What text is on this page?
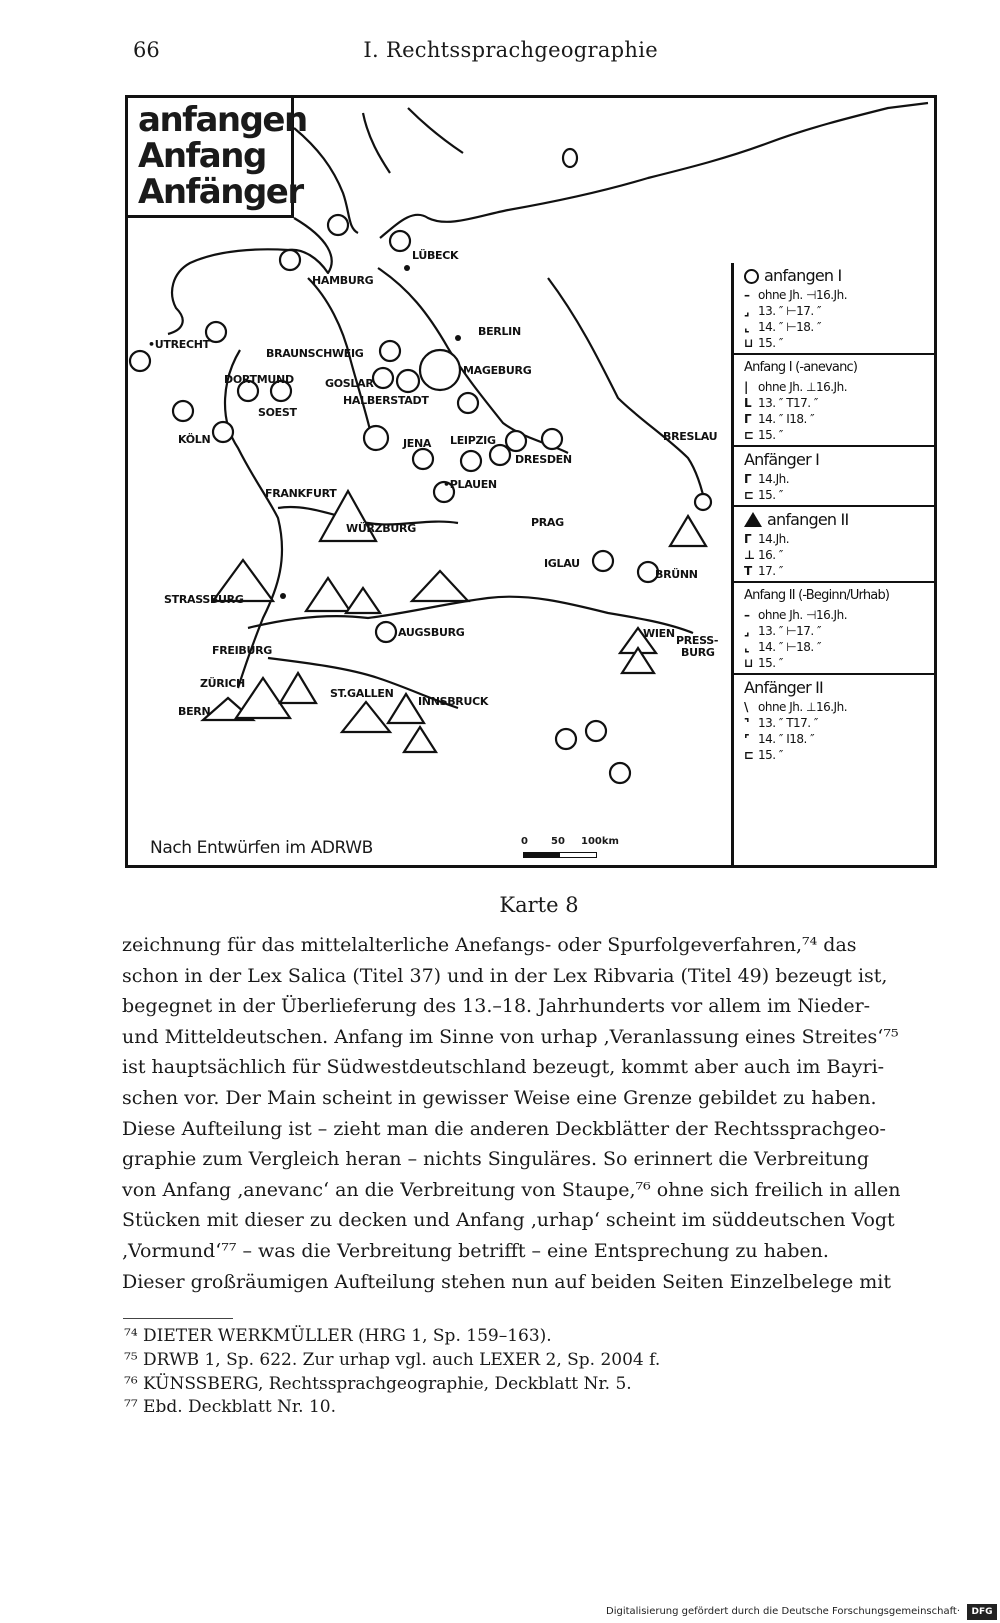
66	I. Rechtssprachgeographie
anfangen
Anfang
Anfänger
LÜBECK
HAMBURG
BERLIN
•UTRECHT
BRAUNSCHWEIG
MAGEBURG
DORTMUND	GOSLAR
HALBERSTADT
SOEST
BRESLAU
KÖLN	JENA LEIPZIG
DRESDEN
•PLAUEN
FRANKFURT
WÜRZBURG	PRAG
IGLAU
BRÜNN
STRASSBURG
AUGSBURG
FREIBURG
WIEN
PRESS-
BURG
ZÜRICH
ST.GALLEN
BERN
INNSBRUCK
Nach Entwürfen im ADRWB	0 50 100km
anfangen I
– ohne Jh. ⊣16.Jh.
⌟ 13. ″ ⊢17. ″
⌞ 14. ″ ⊢18. ″
⊔ 15. ″
Anfang I (-anevanc)
| ohne Jh. ⊥16.Jh.
L 13. ″ T17. ″
Γ 14. ″ I18. ″
⊏ 15. ″
Anfänger I
Γ 14.Jh.
⊏ 15. ″
anfangen II
Γ 14.Jh.
⊥ 16. ″
T 17. ″
Anfang II (-Beginn/Urhab)
– ohne Jh. ⊣16.Jh.
⌟ 13. ″ ⊢17. ″
⌞ 14. ″ ⊢18. ″
⊔ 15. ″
Anfänger II
\ ohne Jh. ⊥16.Jh.
⌝ 13. ″ T17. ″
⌜ 14. ″ I18. ″
⊏ 15. ″
Karte 8

zeichnung für das mittelalterliche Anefangs- oder Spurfolgeverfahren,⁷⁴ das

schon in der Lex Salica (Titel 37) und in der Lex Ribvaria (Titel 49) bezeugt ist,

begegnet in der Überlieferung des 13.–18. Jahrhunderts vor allem im Nieder-

und Mitteldeutschen. Anfang im Sinne von urhap ‚Veranlassung eines Streites‘⁷⁵

ist hauptsächlich für Südwestdeutschland bezeugt, kommt aber auch im Bayri-

schen vor. Der Main scheint in gewisser Weise eine Grenze gebildet zu haben.

Diese Aufteilung ist – zieht man die anderen Deckblätter der Rechtssprachgeo-

graphie zum Vergleich heran – nichts Singuläres. So erinnert die Verbreitung

von Anfang ‚anevanc‘ an die Verbreitung von Staupe,⁷⁶ ohne sich freilich in allen

Stücken mit dieser zu decken und Anfang ‚urhap‘ scheint im süddeutschen Vogt

‚Vormund‘⁷⁷ – was die Verbreitung betrifft – eine Entsprechung zu haben.

Dieser großräumigen Aufteilung stehen nun auf beiden Seiten Einzelbelege mit

⁷⁴ DIETER WERKMÜLLER (HRG 1, Sp. 159–163).
⁷⁵ DRWB 1, Sp. 622. Zur urhap vgl. auch LEXER 2, Sp. 2004 f.
⁷⁶ KÜNSSBERG, Rechtssprachgeographie, Deckblatt Nr. 5.
⁷⁷ Ebd. Deckblatt Nr. 10.
Digitalisierung gefördert durch die Deutsche Forschungsgemeinschaft·	DFG
